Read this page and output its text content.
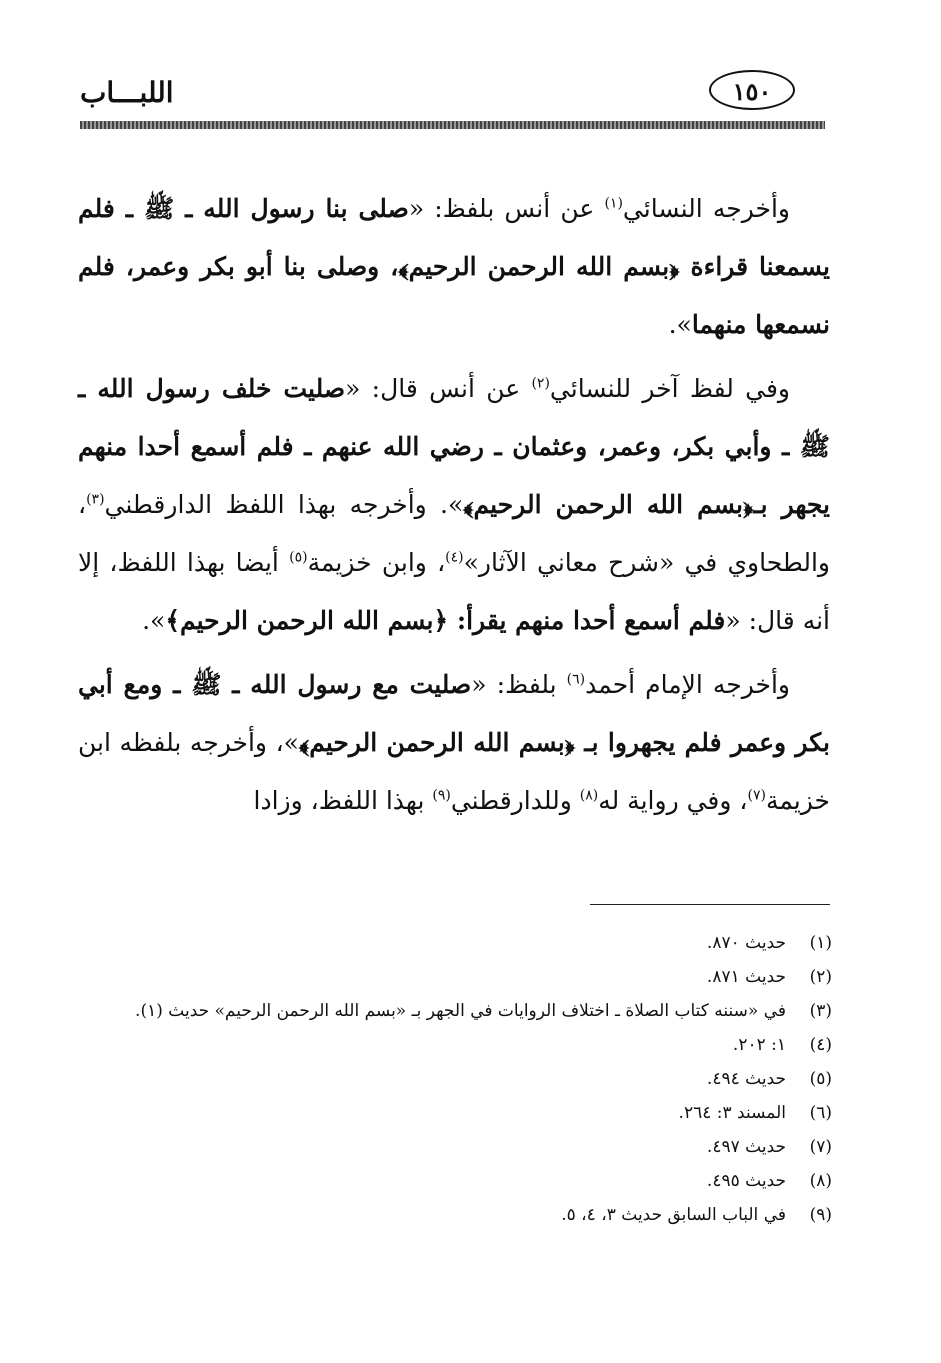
اللبـــاب	١٥٠

وأخرجه النسائي$^{(١)}$ عن أنس بلفظ: «صلى بنا رسول الله ـ ﷺ ـ فلم يسمعنا قراءة ﴿بسم الله الرحمن الرحيم﴾، وصلى بنا أبو بكر وعمر، فلم نسمعها منهما».

وفي لفظ آخر للنسائي$^{(٢)}$ عن أنس قال: «صليت خلف رسول الله ـ ﷺ ـ وأبي بكر، وعمر، وعثمان ـ رضي الله عنهم ـ فلم أسمع أحدا منهم يجهر بـ﴿بسم الله الرحمن الرحيم﴾». وأخرجه بهذا اللفظ الدارقطني$^{(٣)}$، والطحاوي في «شرح معاني الآثار»$^{(٤)}$، وابن خزيمة$^{(٥)}$ أيضا بهذا اللفظ، إلا أنه قال: «فلم أسمع أحدا منهم يقرأ: ﴿بسم الله الرحمن الرحيم﴾».

وأخرجه الإمام أحمد$^{(٦)}$ بلفظ: «صليت مع رسول الله ـ ﷺ ـ ومع أبي بكر وعمر فلم يجهروا بـ ﴿بسم الله الرحمن الرحيم﴾»، وأخرجه بلفظه ابن خزيمة$^{(٧)}$، وفي رواية له$^{(٨)}$ وللدارقطني$^{(٩)}$ بهذا اللفظ، وزادا

(١)
حديث ٨٧٠.
(٢)
حديث ٨٧١.
(٣)
في «سننه كتاب الصلاة ـ اختلاف الروايات في الجهر بـ «بسم الله الرحمن الرحيم» حديث (١).
(٤)
١: ٢٠٢.
(٥)
حديث ٤٩٤.
(٦)
المسند ٣: ٢٦٤.
(٧)
حديث ٤٩٧.
(٨)
حديث ٤٩٥.
(٩)
في الباب السابق حديث ٣، ٤، ٥.
